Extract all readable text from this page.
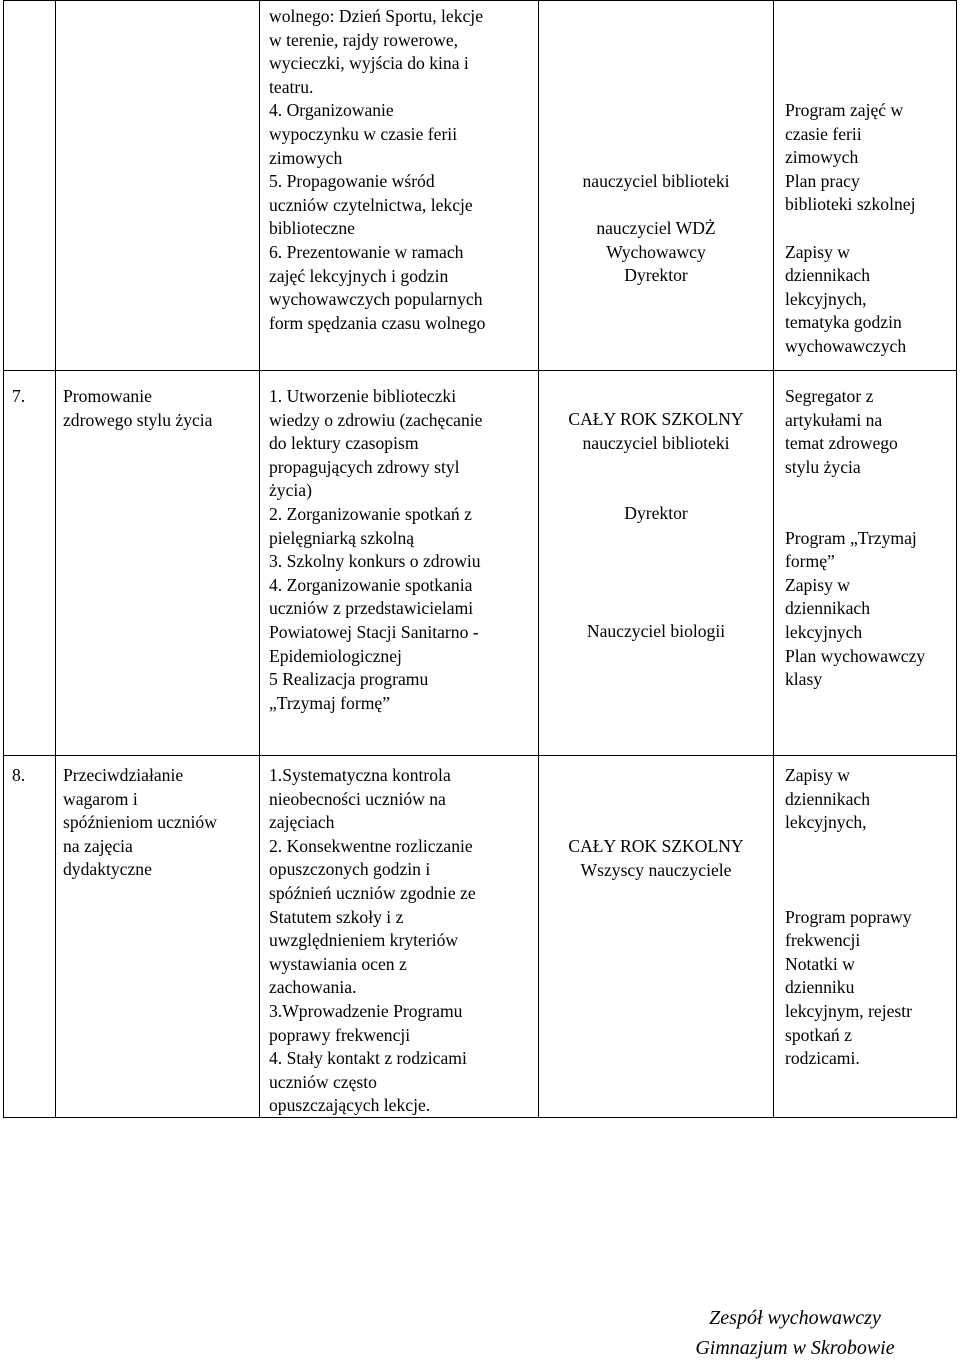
wolnego: Dzień Sportu, lekcje
w terenie, rajdy rowerowe,
wycieczki, wyjścia do kina i
teatru.
4. Organizowanie
wypoczynku w czasie ferii
zimowych
5. Propagowanie wśród
uczniów czytelnictwa, lekcje
biblioteczne
6. Prezentowanie w ramach
zajęć lekcyjnych i godzin
wychowawczych popularnych
form spędzania czasu wolnego
nauczyciel biblioteki
nauczyciel WDŻ
Wychowawcy
Dyrektor
Program zajęć w
czasie ferii
zimowych
Plan pracy
biblioteki szkolnej
Zapisy w
dziennikach
lekcyjnych,
tematyka godzin
wychowawczych
7. Promowanie
zdrowego stylu życia
1. Utworzenie biblioteczki
wiedzy o zdrowiu (zachęcanie
do lektury czasopism
propagujących zdrowy styl
życia)
2. Zorganizowanie spotkań z
pielęgniarką szkolną
3. Szkolny konkurs o zdrowiu
4. Zorganizowanie spotkania
uczniów z przedstawicielami
Powiatowej Stacji Sanitarno -
Epidemiologicznej
5 Realizacja programu
„Trzymaj formę”
CAŁY ROK SZKOLNY
nauczyciel biblioteki
Dyrektor
Nauczyciel biologii
Segregator z
artykułami na
temat zdrowego
stylu życia
Program „Trzymaj
formę”
Zapisy w
dziennikach
lekcyjnych
Plan wychowawczy
klasy
8. Przeciwdziałanie
wagarom i
spóźnieniom uczniów
na zajęcia
dydaktyczne
1.Systematyczna kontrola
nieobecności uczniów na
zajęciach
2. Konsekwentne rozliczanie
opuszczonych godzin i
spóźnień uczniów zgodnie ze
Statutem szkoły i z
uwzględnieniem kryteriów
wystawiania ocen z
zachowania.
3.Wprowadzenie Programu
poprawy frekwencji
4. Stały kontakt z rodzicami
uczniów często
opuszczających lekcje.
CAŁY ROK SZKOLNY
Wszyscy nauczyciele
Zapisy w
dziennikach
lekcyjnych,
Program poprawy
frekwencji
Notatki w
dzienniku
lekcyjnym, rejestr
spotkań z
rodzicami.
Zespół wychowawczy
Gimnazjum w Skrobowie
